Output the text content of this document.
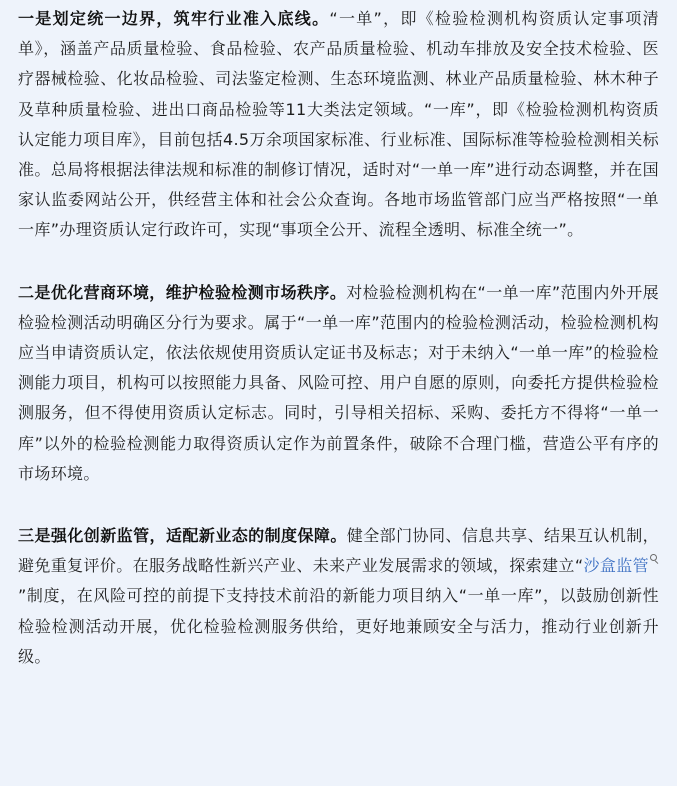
一是划定统一边界，筑牢行业准入底线。“一单”，即《检验检测机构资质认定事项清单》，涵盖产品质量检验、食品检验、农产品质量检验、机动车排放及安全技术检验、医疗器械检验、化妆品检验、司法鉴定检测、生态环境监测、林业产品质量检验、林木种子及草种质量检验、进出口商品检验等11大类法定领域。“一库”，即《检验检测机构资质认定能力项目库》，目前包括4.5万余项国家标准、行业标准、国际标准等检验检测相关标准。总局将根据法律法规和标准的制修订情况，适时对“一单一库”进行动态调整，并在国家认监委网站公开，供经营主体和社会公众查询。各地市场监管部门应当严格按照“一单一库”办理资质认定行政许可，实现“事项全公开、流程全透明、标准全统一”。

二是优化营商环境，维护检验检测市场秩序。对检验检测机构在“一单一库”范围内外开展检验检测活动明确区分行为要求。属于“一单一库”范围内的检验检测活动，检验检测机构应当申请资质认定，依法依规使用资质认定证书及标志；对于未纳入“一单一库”的检验检测能力项目，机构可以按照能力具备、风险可控、用户自愿的原则，向委托方提供检验检测服务，但不得使用资质认定标志。同时，引导相关招标、采购、委托方不得将“一单一库”以外的检验检测能力取得资质认定作为前置条件，破除不合理门槛，营造公平有序的市场环境。

三是强化创新监管，适配新业态的制度保障。健全部门协同、信息共享、结果互认机制，避免重复评价。在服务战略性新兴产业、未来产业发展需求的领域，探索建立“沙盒监管”制度，在风险可控的前提下支持技术前沿的新能力项目纳入“一单一库”，以鼓励创新性检验检测活动开展，优化检验检测服务供给，更好地兼顾安全与活力，推动行业创新升级。
